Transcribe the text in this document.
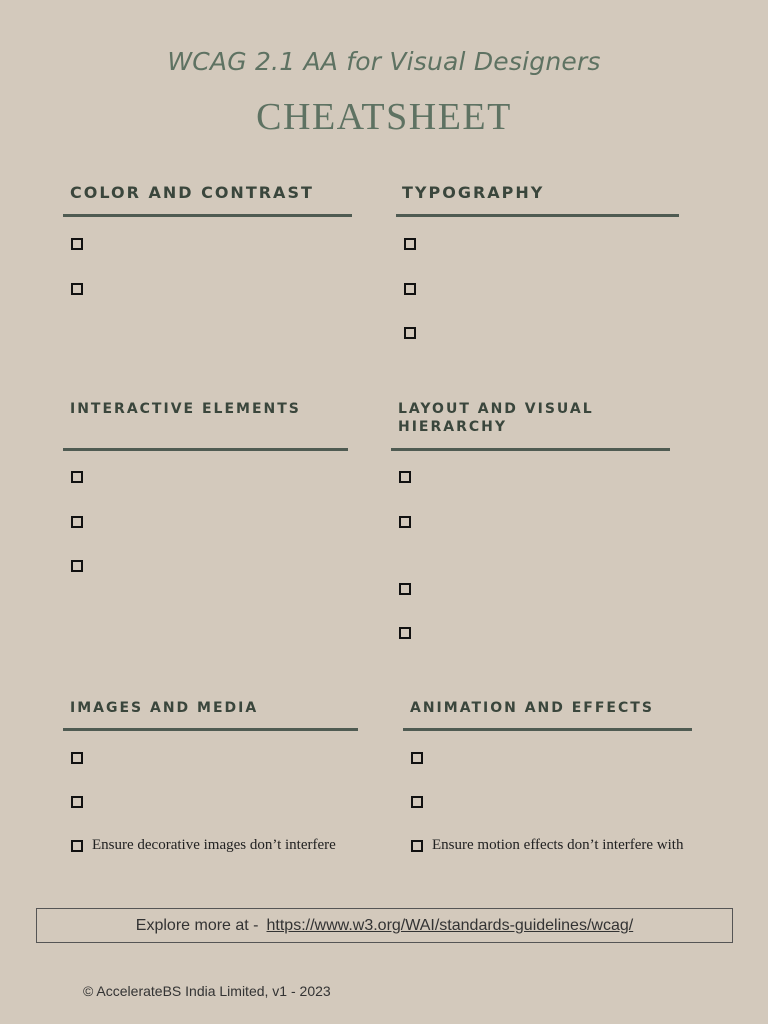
WCAG 2.1 AA for Visual Designers
CHEATSHEET
COLOR AND CONTRAST	TYPOGRAPHY
INTERACTIVE ELEMENTS	LAYOUT AND VISUAL
HIERARCHY
IMAGES AND MEDIA
Ensure decorative images don’t interfere
ANIMATION AND EFFECTS
Ensure motion effects don’t interfere with
Explore more at - https://www.w3.org/WAI/standards-guidelines/wcag/
© AccelerateBS India Limited, v1 - 2023
